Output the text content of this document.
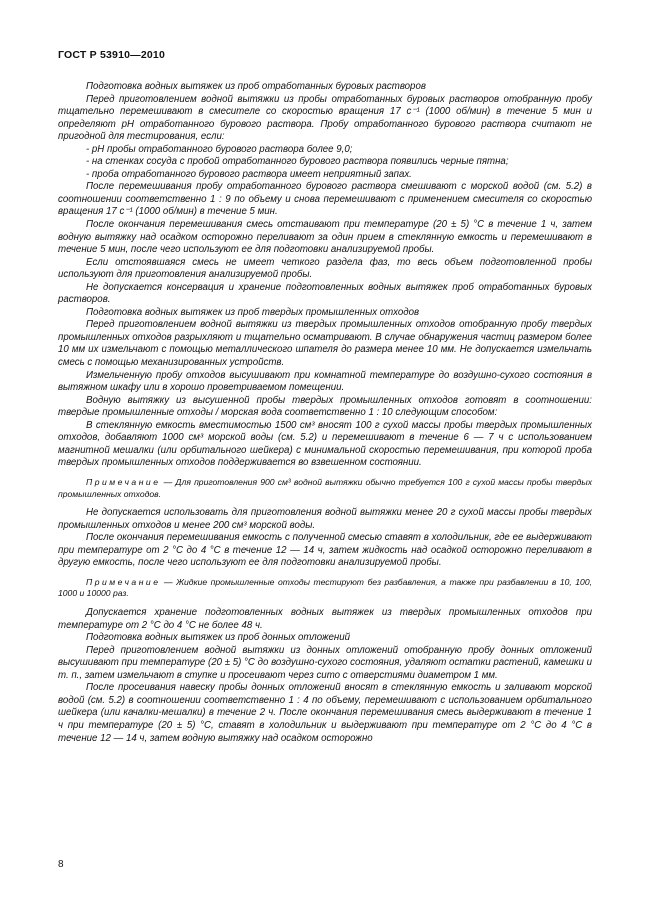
ГОСТ Р 53910—2010

Подготовка водных вытяжек из проб отработанных буровых растворов

Перед приготовлением водной вытяжки из пробы отработанных буровых растворов отобранную пробу тщательно перемешивают в смесителе со скоростью вращения 17 с⁻¹ (1000 об/мин) в течение 5 мин и определяют pH отработанного бурового раствора. Пробу отработанного бурового раствора считают не пригодной для тестирования, если:

- pH пробы отработанного бурового раствора более 9,0;

- на стенках сосуда с пробой отработанного бурового раствора появились черные пятна;

- проба отработанного бурового раствора имеет неприятный запах.

После перемешивания пробу отработанного бурового раствора смешивают с морской водой (см. 5.2) в соотношении соответственно 1 : 9 по объему и снова перемешивают с применением смесителя со скоростью вращения 17 с⁻¹ (1000 об/мин) в течение 5 мин.

После окончания перемешивания смесь отстаивают при температуре (20 ± 5) °С в течение 1 ч, затем водную вытяжку над осадком осторожно переливают за один прием в стеклянную емкость и перемешивают в течение 5 мин, после чего используют ее для подготовки анализируемой пробы.

Если отстоявшаяся смесь не имеет четкого раздела фаз, то весь объем подготовленной пробы используют для приготовления анализируемой пробы.

Не допускается консервация и хранение подготовленных водных вытяжек проб отработанных буровых растворов.

Подготовка водных вытяжек из проб твердых промышленных отходов

Перед приготовлением водной вытяжки из твердых промышленных отходов отобранную пробу твердых промышленных отходов разрыхляют и тщательно осматривают. В случае обнаружения частиц размером более 10 мм их измельчают с помощью металлического шпателя до размера менее 10 мм. Не допускается измельчать смесь с помощью механизированных устройств.

Измельченную пробу отходов высушивают при комнатной температуре до воздушно-сухого состояния в вытяжном шкафу или в хорошо проветриваемом помещении.

Водную вытяжку из высушенной пробы твердых промышленных отходов готовят в соотношении: твердые промышленные отходы / морская вода соответственно 1 : 10 следующим способом:

В стеклянную емкость вместимостью 1500 см³ вносят 100 г сухой массы пробы твердых промышленных отходов, добавляют 1000 см³ морской воды (см. 5.2) и перемешивают в течение 6 — 7 ч с использованием магнитной мешалки (или орбитального шейкера) с минимальной скоростью перемешивания, при которой проба твердых промышленных отходов поддерживается во взвешенном состоянии.

Примечание — Для приготовления 900 см³ водной вытяжки обычно требуется 100 г сухой массы пробы твердых промышленных отходов.

Не допускается использовать для приготовления водной вытяжки менее 20 г сухой массы пробы твердых промышленных отходов и менее 200 см³ морской воды.

После окончания перемешивания емкость с полученной смесью ставят в холодильник, где ее выдерживают при температуре от 2 °С до 4 °С в течение 12 — 14 ч, затем жидкость над осадкой осторожно переливают в другую емкость, после чего используют ее для подготовки анализируемой пробы.

Примечание — Жидкие промышленные отходы тестируют без разбавления, а также при разбавлении в 10, 100, 1000 и 10000 раз.

Допускается хранение подготовленных водных вытяжек из твердых промышленных отходов при температуре от 2 °С до 4 °С не более 48 ч.

Подготовка водных вытяжек из проб донных отложений

Перед приготовлением водной вытяжки из донных отложений отобранную пробу донных отложений высушивают при температуре (20 ± 5) °С до воздушно-сухого состояния, удаляют остатки растений, камешки и т. п., затем измельчают в ступке и просеивают через сито с отверстиями диаметром 1 мм.

После просеивания навеску пробы донных отложений вносят в стеклянную емкость и заливают морской водой (см. 5.2) в соотношении соответственно 1 : 4 по объему, перемешивают с использованием орбитального шейкера (или качалки-мешалки) в течение 2 ч. После окончания перемешивания смесь выдерживают в течение 1 ч при температуре (20 ± 5) °С, ставят в холодильник и выдерживают при температуре от 2 °С до 4 °С в течение 12 — 14 ч, затем водную вытяжку над осадком осторожно

8
